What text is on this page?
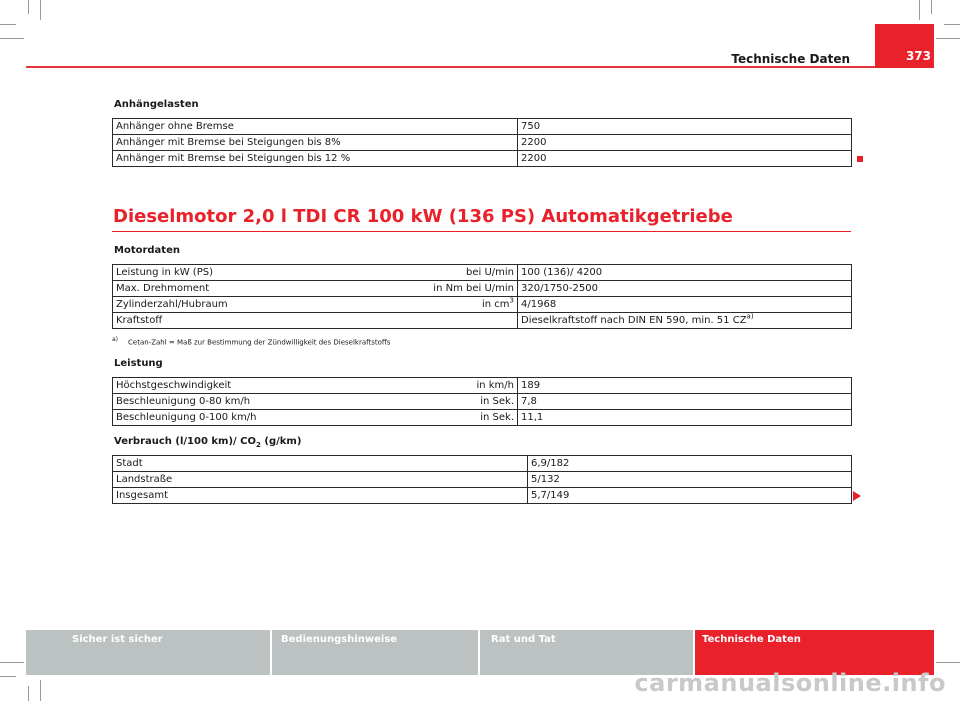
Technische Daten	373
Anhängelasten
Anhänger ohne Bremse	750
Anhänger mit Bremse bei Steigungen bis 8%	2200
Anhänger mit Bremse bei Steigungen bis 12 %	2200
Dieselmotor 2,0 l TDI CR 100 kW (136 PS) Automatikgetriebe
Motordaten
Leistung in kW (PS) bei U/min	100 (136)/ 4200
Max. Drehmoment in Nm bei U/min	320/1750-2500
Zylinderzahl/Hubraum in $cm^3$	4/1968
Kraftstoff	Dieselkraftstoff nach DIN EN 590, min. 51 CZ$^{a)}$
$^{a)}$ Cetan-Zahl = Maß zur Bestimmung der Zündwilligkeit des Dieselkraftstoffs
Leistung
Höchstgeschwindigkeit in km/h	189
Beschleunigung 0-80 km/h in Sek.	7,8
Beschleunigung 0-100 km/h in Sek.	11,1
Verbrauch (l/100 km)/ $CO_2$ (g/km)
Stadt	6,9/182
Landstraße	5/132
Insgesamt	5,7/149
Sicher ist sicher	Bedienungshinweise	Rat und Tat	Technische Daten
carmanualsonline.info
